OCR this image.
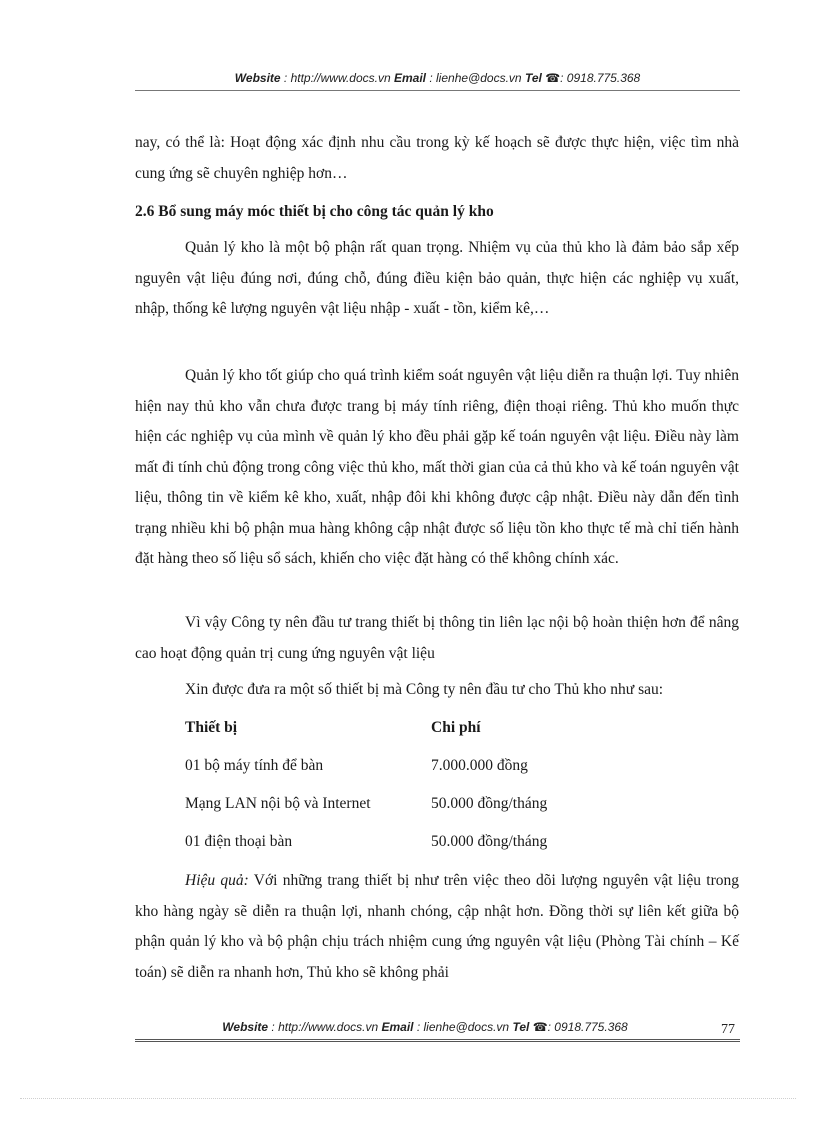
Website : http://www.docs.vn Email : lienhe@docs.vn Tel ☎: 0918.775.368

nay, có thể là: Hoạt động xác định nhu cầu trong kỳ kế hoạch sẽ được thực hiện, việc tìm nhà cung ứng sẽ chuyên nghiệp hơn…

2.6 Bổ sung máy móc thiết bị cho công tác quản lý kho

Quản lý kho là một bộ phận rất quan trọng. Nhiệm vụ của thủ kho là đảm bảo sắp xếp nguyên vật liệu đúng nơi, đúng chỗ, đúng điều kiện bảo quản, thực hiện các nghiệp vụ xuất, nhập, thống kê lượng nguyên vật liệu nhập - xuất - tồn, kiểm kê,…

Quản lý kho tốt giúp cho quá trình kiểm soát nguyên vật liệu diễn ra thuận lợi. Tuy nhiên hiện nay thủ kho vẫn chưa được trang bị máy tính riêng, điện thoại riêng. Thủ kho muốn thực hiện các nghiệp vụ của mình về quản lý kho đều phải gặp kế toán nguyên vật liệu. Điều này làm mất đi tính chủ động trong công việc thủ kho, mất thời gian của cả thủ kho và kế toán nguyên vật liệu, thông tin về kiểm kê kho, xuất, nhập đôi khi không được cập nhật. Điều này dẫn đến tình trạng nhiều khi bộ phận mua hàng không cập nhật được số liệu tồn kho thực tế mà chỉ tiến hành đặt hàng theo số liệu sổ sách, khiến cho việc đặt hàng có thể không chính xác.

Vì vậy Công ty nên đầu tư trang thiết bị thông tin liên lạc nội bộ hoàn thiện hơn để nâng cao hoạt động quản trị cung ứng nguyên vật liệu

Xin được đưa ra một số thiết bị mà Công ty nên đầu tư cho Thủ kho như sau:

Thiết bị	Chi phí
01 bộ máy tính để bàn	7.000.000 đồng
Mạng LAN nội bộ và Internet	50.000 đồng/tháng
01 điện thoại bàn	50.000 đồng/tháng

Hiệu quả: Với những trang thiết bị như trên việc theo dõi lượng nguyên vật liệu trong kho hàng ngày sẽ diễn ra thuận lợi, nhanh chóng, cập nhật hơn. Đồng thời sự liên kết giữa bộ phận quản lý kho và bộ phận chịu trách nhiệm cung ứng nguyên vật liệu (Phòng Tài chính – Kế toán) sẽ diễn ra nhanh hơn, Thủ kho sẽ không phải

Website : http://www.docs.vn Email : lienhe@docs.vn Tel ☎: 0918.775.368	77
